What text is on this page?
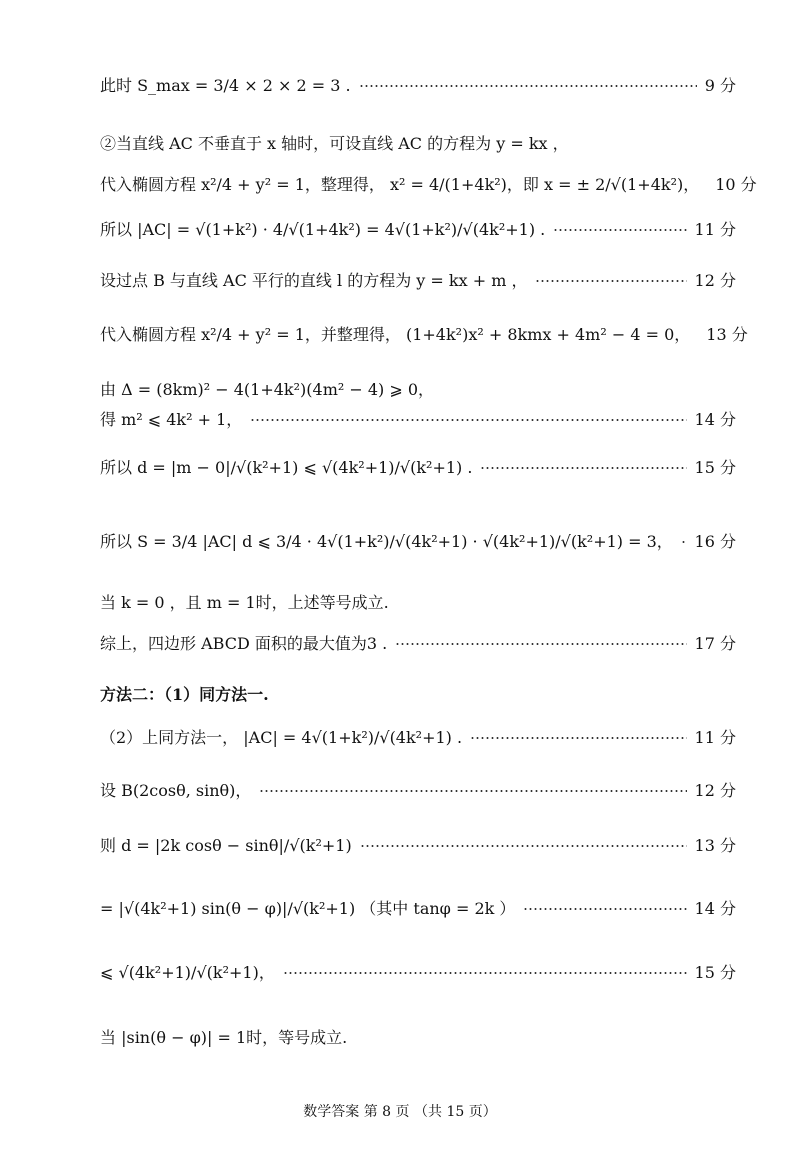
此时 S_max = 3/4 × 2 × 2 = 3 .	9 分
②当直线 AC 不垂直于 x 轴时，可设直线 AC 的方程为 y = kx ，
代入椭圆方程 x²/4 + y² = 1，整理得， x² = 4/(1+4k²)，即 x = ± 2/√(1+4k²)， 10 分
所以 |AC| = √(1+k²) · 4/√(1+4k²) = 4√(1+k²)/√(4k²+1) .	11 分
设过点 B 与直线 AC 平行的直线 l 的方程为 y = kx + m ，	12 分
代入椭圆方程 x²/4 + y² = 1，并整理得， (1+4k²)x² + 8kmx + 4m² − 4 = 0， 13 分
由 Δ = (8km)² − 4(1+4k²)(4m² − 4) ⩾ 0，
得 m² ⩽ 4k² + 1，	14 分
所以 d = |m − 0|/√(k²+1) ⩽ √(4k²+1)/√(k²+1) .	15 分
所以 S = 3/4 |AC| d ⩽ 3/4 · 4√(1+k²)/√(4k²+1) · √(4k²+1)/√(k²+1) = 3， 16 分
当 k = 0 ，且 m = 1时，上述等号成立.
综上，四边形 ABCD 面积的最大值为3 .	17 分
方法二：（1）同方法一.
（2）上同方法一， |AC| = 4√(1+k²)/√(4k²+1) .	11 分
设 B(2cosθ, sinθ)，	12 分
则 d = |2k cosθ − sinθ|/√(k²+1)	13 分
= |√(4k²+1) sin(θ − φ)|/√(k²+1) （其中 tanφ = 2k ）	14 分
⩽ √(4k²+1)/√(k²+1)，	15 分
当 |sin(θ − φ)| = 1时，等号成立.
数学答案 第 8 页 （共 15 页）
